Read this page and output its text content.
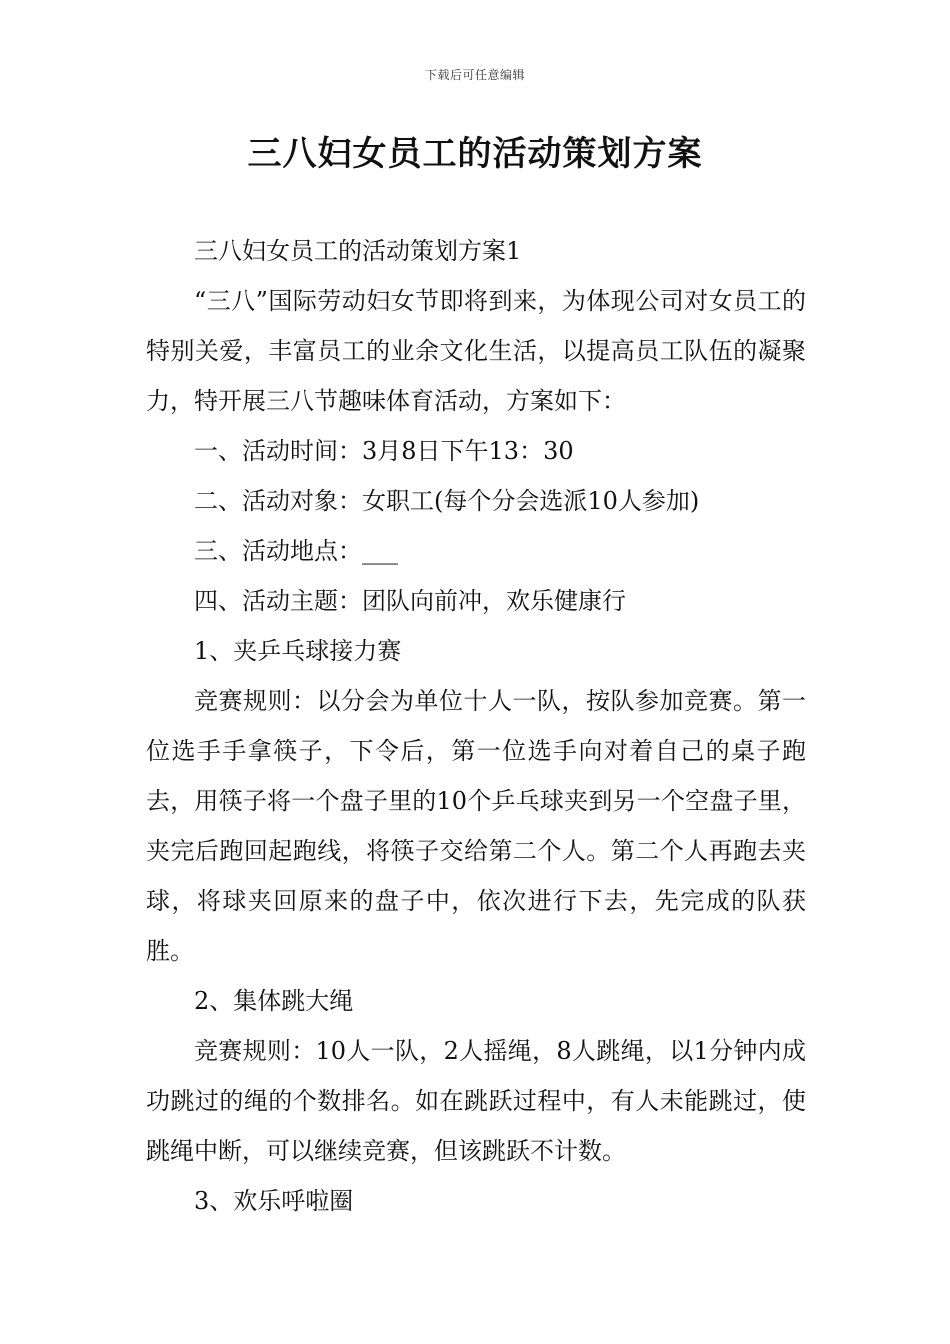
下载后可任意编辑
三八妇女员工的活动策划方案

三八妇女员工的活动策划方案1

“三八”国际劳动妇女节即将到来，为体现公司对女员工的特别关爱，丰富员工的业余文化生活，以提高员工队伍的凝聚力，特开展三八节趣味体育活动，方案如下：

一、活动时间：3月8日下午13：30

二、活动对象：女职工(每个分会选派10人参加)

三、活动地点：___

四、活动主题：团队向前冲，欢乐健康行

1、夹乒乓球接力赛

竞赛规则：以分会为单位十人一队，按队参加竞赛。第一位选手手拿筷子，下令后，第一位选手向对着自己的桌子跑去，用筷子将一个盘子里的10个乒乓球夹到另一个空盘子里，夹完后跑回起跑线，将筷子交给第二个人。第二个人再跑去夹球，将球夹回原来的盘子中，依次进行下去，先完成的队获胜。

2、集体跳大绳

竞赛规则：10人一队，2人摇绳，8人跳绳，以1分钟内成功跳过的绳的个数排名。如在跳跃过程中，有人未能跳过，使跳绳中断，可以继续竞赛，但该跳跃不计数。

3、欢乐呼啦圈
